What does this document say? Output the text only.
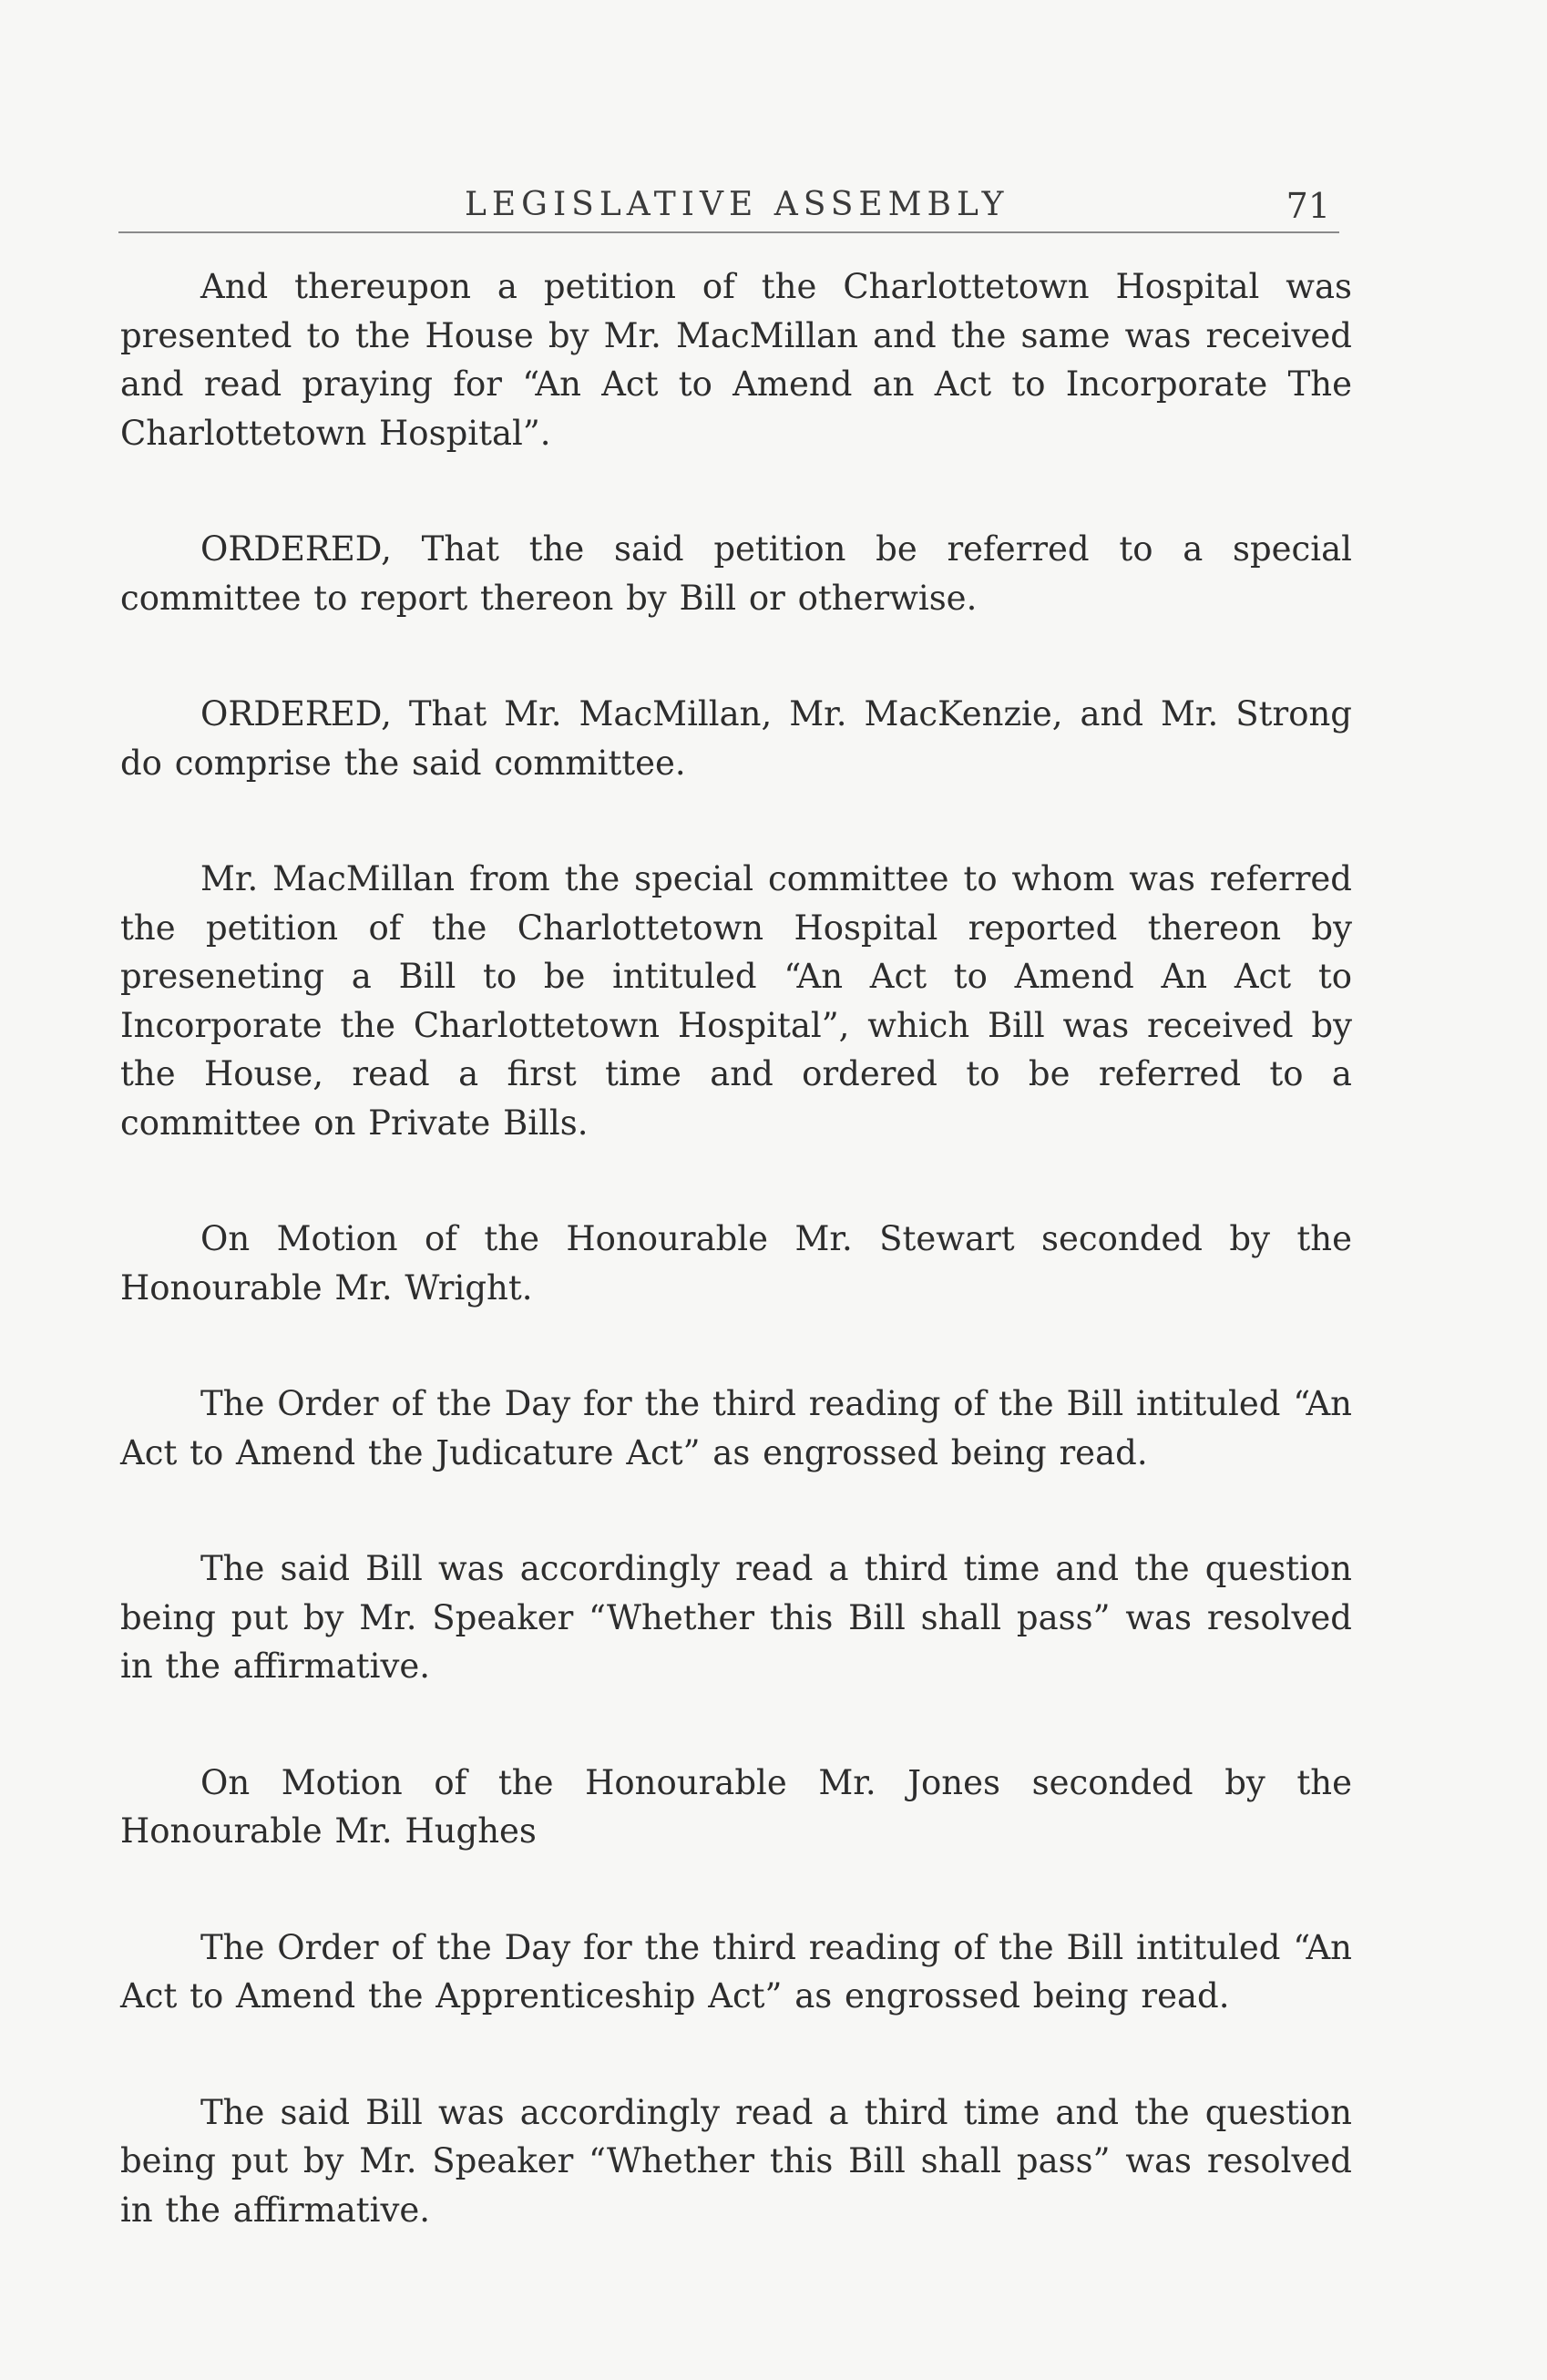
LEGISLATIVE ASSEMBLY	71

And thereupon a petition of the Charlottetown Hospital was presented to the House by Mr. MacMillan and the same was received and read praying for “An Act to Amend an Act to Incorporate The Charlottetown Hospital”.

ORDERED, That the said petition be referred to a special committee to report thereon by Bill or otherwise.

ORDERED, That Mr. MacMillan, Mr. MacKenzie, and Mr. Strong do comprise the said committee.

Mr. MacMillan from the special committee to whom was referred the petition of the Charlottetown Hospital reported thereon by preseneting a Bill to be intituled “An Act to Amend An Act to Incorporate the Charlottetown Hospital”, which Bill was received by the House, read a first time and ordered to be referred to a committee on Private Bills.

On Motion of the Honourable Mr. Stewart seconded by the Honourable Mr. Wright.

The Order of the Day for the third reading of the Bill intituled “An Act to Amend the Judicature Act” as engrossed being read.

The said Bill was accordingly read a third time and the question being put by Mr. Speaker “Whether this Bill shall pass” was resolved in the affirmative.

On Motion of the Honourable Mr. Jones seconded by the Honourable Mr. Hughes

The Order of the Day for the third reading of the Bill intituled “An Act to Amend the Apprenticeship Act” as engrossed being read.

The said Bill was accordingly read a third time and the question being put by Mr. Speaker “Whether this Bill shall pass” was resolved in the affirmative.
